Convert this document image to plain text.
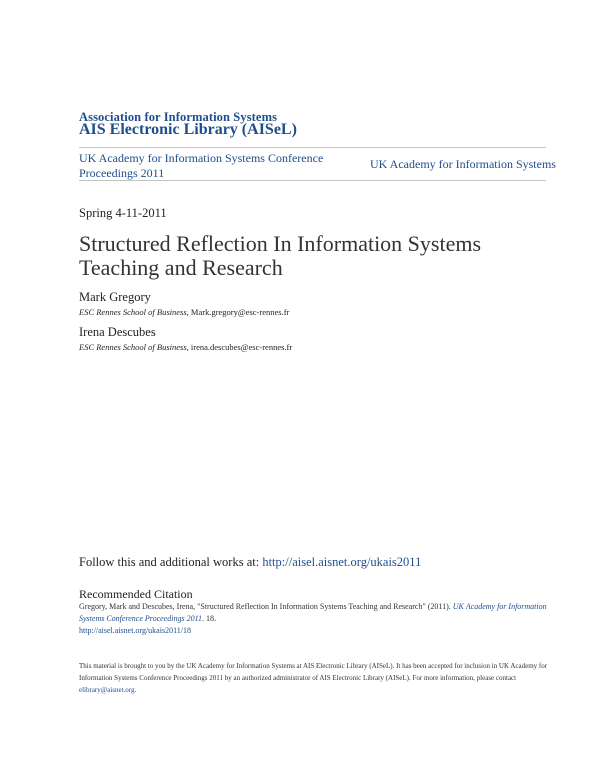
Association for Information Systems
AIS Electronic Library (AISeL)
UK Academy for Information Systems Conference Proceedings 2011
UK Academy for Information Systems
Spring 4-11-2011
Structured Reflection In Information Systems Teaching and Research
Mark Gregory
ESC Rennes School of Business, Mark.gregory@esc-rennes.fr
Irena Descubes
ESC Rennes School of Business, irena.descubes@esc-rennes.fr
Follow this and additional works at: http://aisel.aisnet.org/ukais2011
Recommended Citation
Gregory, Mark and Descubes, Irena, "Structured Reflection In Information Systems Teaching and Research" (2011). UK Academy for Information Systems Conference Proceedings 2011. 18.
http://aisel.aisnet.org/ukais2011/18
This material is brought to you by the UK Academy for Information Systems at AIS Electronic Library (AISeL). It has been accepted for inclusion in UK Academy for Information Systems Conference Proceedings 2011 by an authorized administrator of AIS Electronic Library (AISeL). For more information, please contact elibrary@aisnet.org.
